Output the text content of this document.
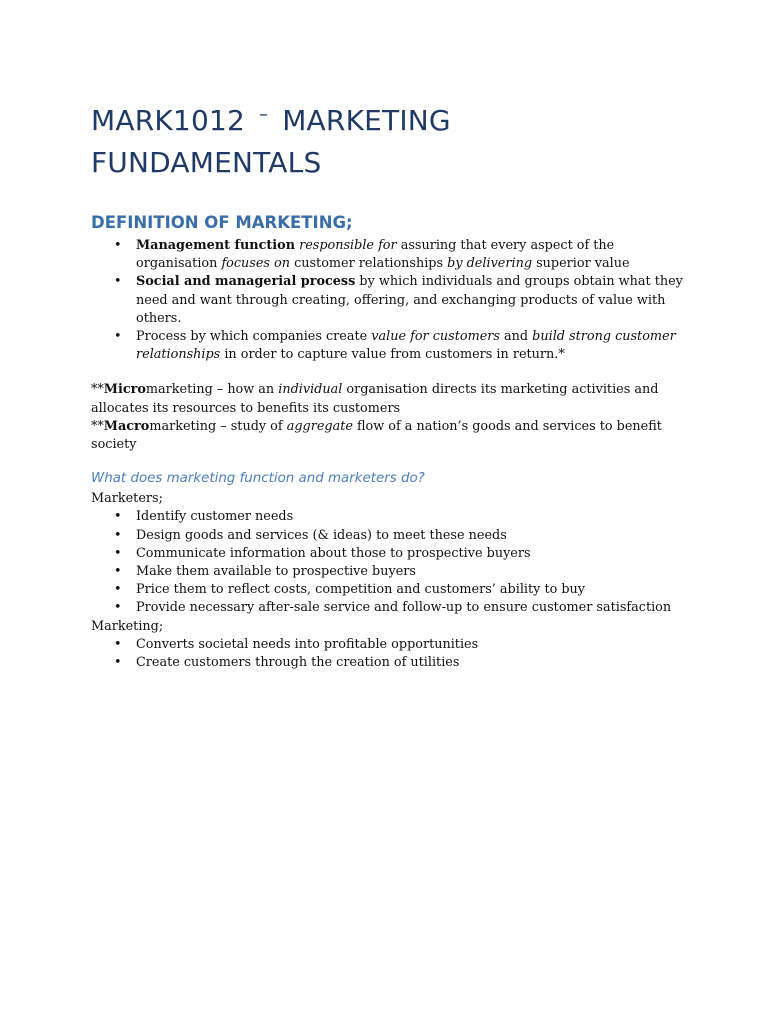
MARK1012 – MARKETING
FUNDAMENTALS
DEFINITION OF MARKETING;
• Management function responsible for assuring that every aspect of the organisation focuses on customer relationships by delivering superior value
• Social and managerial process by which individuals and groups obtain what they need and want through creating, offering, and exchanging products of value with others.
• Process by which companies create value for customers and build strong customer relationships in order to capture value from customers in return.*

**Micromarketing – how an individual organisation directs its marketing activities and allocates its resources to benefits its customers

**Macromarketing – study of aggregate flow of a nation’s goods and services to benefit society

What does marketing function and marketers do?

Marketers;

• Identify customer needs
• Design goods and services (& ideas) to meet these needs
• Communicate information about those to prospective buyers
• Make them available to prospective buyers
• Price them to reflect costs, competition and customers’ ability to buy
• Provide necessary after-sale service and follow-up to ensure customer satisfaction

Marketing;

• Converts societal needs into profitable opportunities
• Create customers through the creation of utilities
